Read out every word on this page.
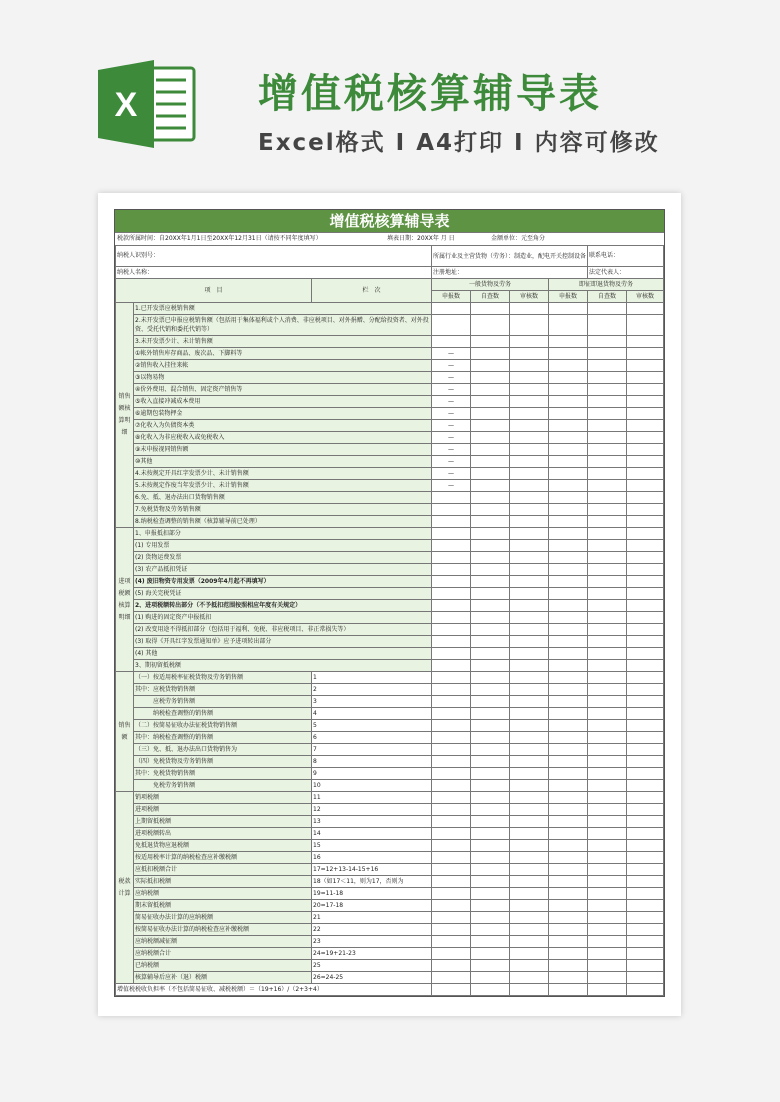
X	增值税核算辅导表
Excel格式 I A4打印 I 内容可修改
增值税核算辅导表
税款所属时间：自20XX年1月1日至20XX年12月31日（请按不同年度填写）	填表日期：20XX年 月 日	金额单位：元至角分
纳税人识别号：			所属行业及主营货物（劳务）：制造业，配电开关控制设备				联系电话：	
纳税人名称：			注册地址：				法定代表人：	
项　目		栏　次	一般货物及劳务			即征即退货物及劳务		
			申报数	自查数	审核数	申报数	自查数	审核数
销售额核算明细	1.已开发票应税销售额							
	2.未开发票已申报应税销售额（包括用于集体福利或个人消费、非应税项目、对外捐赠、分配给投资者、对外投资、受托代销和委托代销等）							
	3.未开发票少计、未计销售额							
	①帐外销售库存商品、废次品、下脚料等		—					
	②销售收入挂往来帐		—					
	③以物易物		—					
	④价外费用、混合销售、固定资产销售等		—					
	⑤收入直接冲减成本费用		—					
	⑥逾期包装物押金		—					
	⑦化收入为负债资本类		—					
	⑧化收入为非应税收入或免税收入		—					
	⑨未申报视同销售额		—					
	⑩其他		—					
	4.未按规定开具红字发票少计、未计销售额		—					
	5.未按规定作废当年发票少计、未计销售额		—					
	6.免、抵、退办法出口货物销售额							
	7.免税货物及劳务销售额							
	8.纳税检查调整的销售额（核算辅导前已处理）							
进项税额核算明细	1、申报抵扣部分							
	(1) 专用发票							
	(2) 货物运费发票							
	(3) 农产品抵扣凭证							
	(4) 废旧物资专用发票（2009年4月起不再填写）							
	(5) 海关完税凭证							
	2、进项税额转出部分（不予抵扣范围按照相应年度有关规定）							
	(1) 购进的固定资产申报抵扣							
	(2) 改变用途不得抵扣部分（包括用于福利、免税、非应税项目、非正常损失等）							
	(3) 取得《开具红字发票通知单》应予进项转出部分							
	(4) 其他							
	3、期初留抵税额							
销售额	（一）按适用税率征税货物及劳务销售额	1						
	其中：应税货物销售额	2						
	　　　应税劳务销售额	3						
	　　　纳税检查调整的销售额	4						
	（二）按简易征收办法征税货物销售额	5						
	其中：纳税检查调整的销售额	6						
	（三）免、抵、退办法出口货物销售为	7						
	（四）免税货物及劳务销售额	8						
	其中：免税货物销售额	9						
	　　　免税劳务销售额	10						
税款计算	销项税额	11						
	进项税额	12						
	上期留抵税额	13						
	进项税额转出	14						
	免抵退货物应退税额	15						
	按适用税率计算的纳税检查应补缴税额	16						
	应抵扣税额合计	17=12+13-14-15+16						
	实际抵扣税额	18（如17＜11，则为17，否则为						
	应纳税额	19=11-18						
	期末留抵税额	20=17-18						
	简易征收办法计算的应纳税额	21						
	按简易征收办法计算的纳税检查应补缴税额	22						
	应纳税额减征额	23						
	应纳税额合计	24=19+21-23						
	已纳税额	25						
	核算辅导后应补（退）税额	26=24-25						
增值税税收负担率（不包括简易征收、减税税额）＝（19+16）/（2+3+4）								
